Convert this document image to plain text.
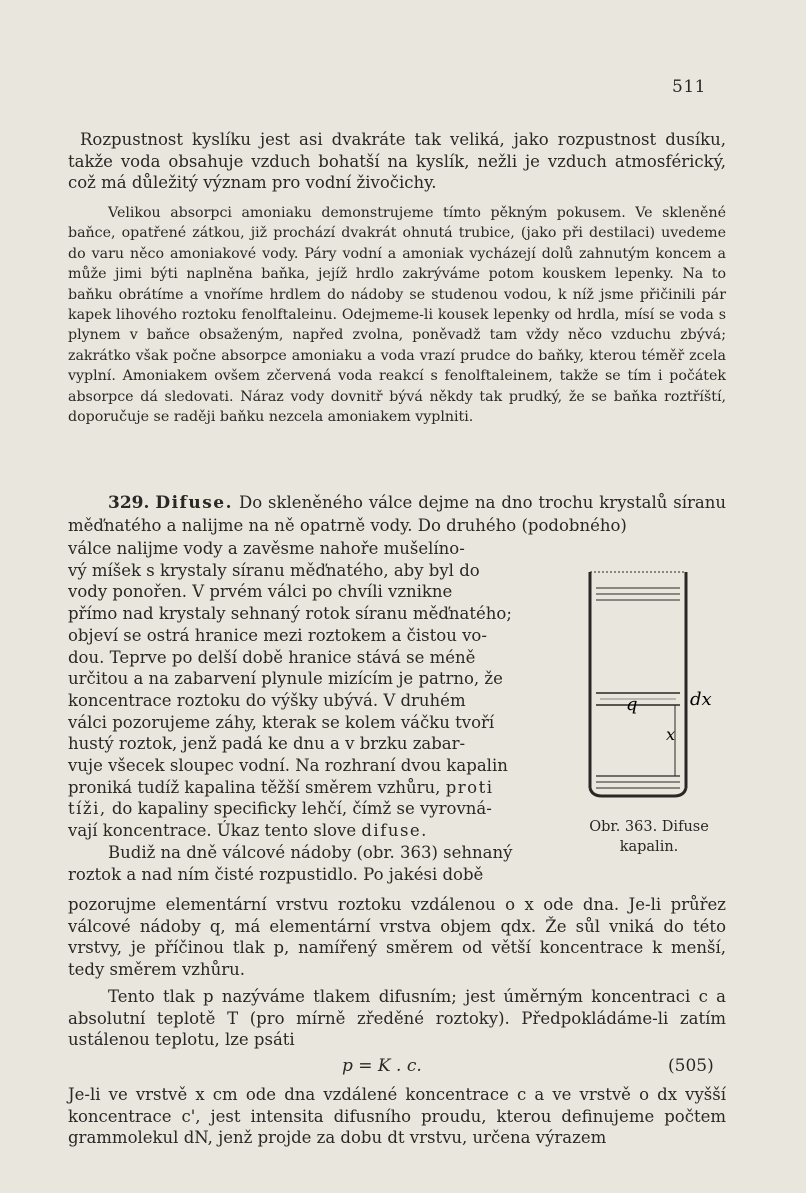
511

Rozpustnost kyslíku jest asi dvakráte tak veliká, jako rozpustnost dusíku, takže voda obsahuje vzduch bohatší na kyslík, nežli je vzduch atmosférický, což má důležitý význam pro vodní živočichy.

Velikou absorpci amoniaku demonstrujeme tímto pěkným pokusem. Ve skleněné baňce, opatřené zátkou, již prochází dvakrát ohnutá trubice, (jako při destilaci) uvedeme do varu něco amoniakové vody. Páry vodní a amoniak vycházejí dolů zahnutým koncem a může jimi býti naplněna baňka, jejíž hrdlo zakrýváme potom kouskem lepenky. Na to baňku obrátíme a vnoříme hrdlem do nádoby se studenou vodou, k níž jsme přičinili pár kapek lihového roztoku fenolftaleinu. Odejmeme-li kousek lepenky od hrdla, mísí se voda s plynem v baňce obsaženým, napřed zvolna, poněvadž tam vždy něco vzduchu zbývá; zakrátko však počne absorpce amoniaku a voda vrazí prudce do baňky, kterou téměř zcela vyplní. Amoniakem ovšem zčervená voda reakcí s fenolftaleinem, takže se tím i počátek absorpce dá sledovati. Náraz vody dovnitř bývá někdy tak prudký, že se baňka roztříští, doporučuje se raději baňku nezcela amoniakem vyplniti.

329. Difuse. Do skleněného válce dejme na dno trochu krystalů síranu měďnatého a nalijme na ně opatrně vody. Do druhého (podobného)
válce nalijme vody a zavěsme nahoře mušelíno-
vý míšek s krystaly síranu měďnatého, aby byl do
vody ponořen. V prvém válci po chvíli vznikne
přímo nad krystaly sehnaný rotok síranu měďnatého;
objeví se ostrá hranice mezi roztokem a čistou vo-
dou. Teprve po delší době hranice stává se méně
určitou a na zabarvení plynule mizícím je patrno, že
koncentrace roztoku do výšky ubývá. V druhém
válci pozorujeme záhy, kterak se kolem váčku tvoří
hustý roztok, jenž padá ke dnu a v brzku zabar-
vuje všecek sloupec vodní. Na rozhraní dvou kapalin
proniká tudíž kapalina těžší směrem vzhůru, proti
tíži, do kapaliny specificky lehčí, čímž se vyrovná-
vají koncentrace. Úkaz tento slove difuse.
Budiž na dně válcové nádoby (obr. 363) sehnaný
roztok a nad ním čisté rozpustidlo. Po jakési době
dx
q
x
Obr. 363. Difuse kapalin.

pozorujme elementární vrstvu roztoku vzdálenou o x ode dna. Je-li průřez válcové nádoby q, má elementární vrstva objem qdx. Že sůl vniká do této vrstvy, je příčinou tlak p, namířený směrem od větší koncentrace k menší, tedy směrem vzhůru.

Tento tlak p nazýváme tlakem difusním; jest úměrným koncentraci c a absolutní teplotě T (pro mírně zředěné roztoky). Předpokládáme-li zatím ustálenou teplotu, lze psáti

p = K . c.	(505)

Je-li ve vrstvě x cm ode dna vzdálené koncentrace c a ve vrstvě o dx vyšší koncentrace c', jest intensita difusního proudu, kterou definujeme počtem grammolekul dN, jenž projde za dobu dt vrstvu, určena výrazem
